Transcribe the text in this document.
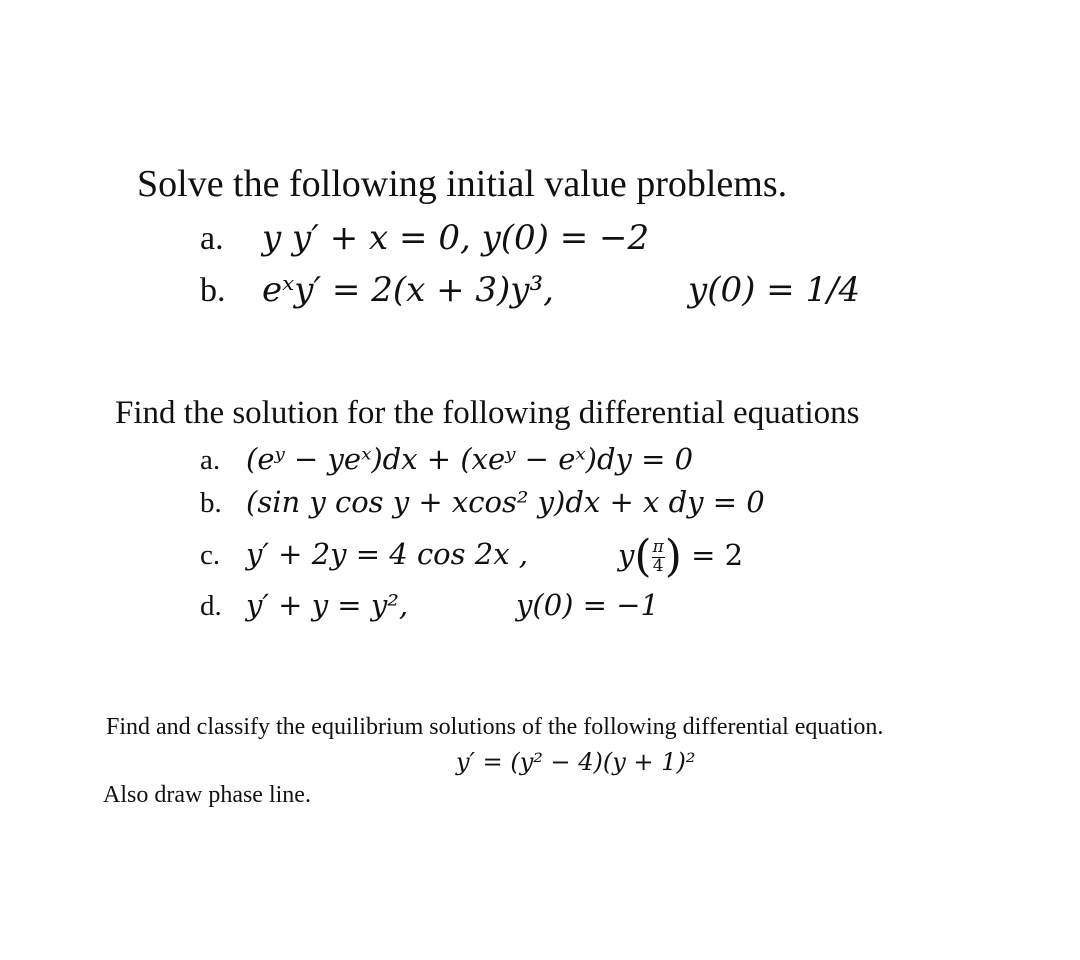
Solve the following initial value problems.
a. y y′ + x = 0, y(0) = −2
b. eˣy′ = 2(x + 3)y³,	y(0) = 1/4
Find the solution for the following differential equations
a. (eʸ − yeˣ)dx + (xeʸ − eˣ)dy = 0
b. (sin y cos y + xcos² y)dx + x dy = 0
c. y′ + 2y = 4 cos 2x ,	$y( \frac{\pi}{4}$ ) = 2
d. y′ + y = y²,	y(0) = −1
Find and classify the equilibrium solutions of the following differential equation.
y′ = (y² − 4)(y + 1)²
Also draw phase line.
